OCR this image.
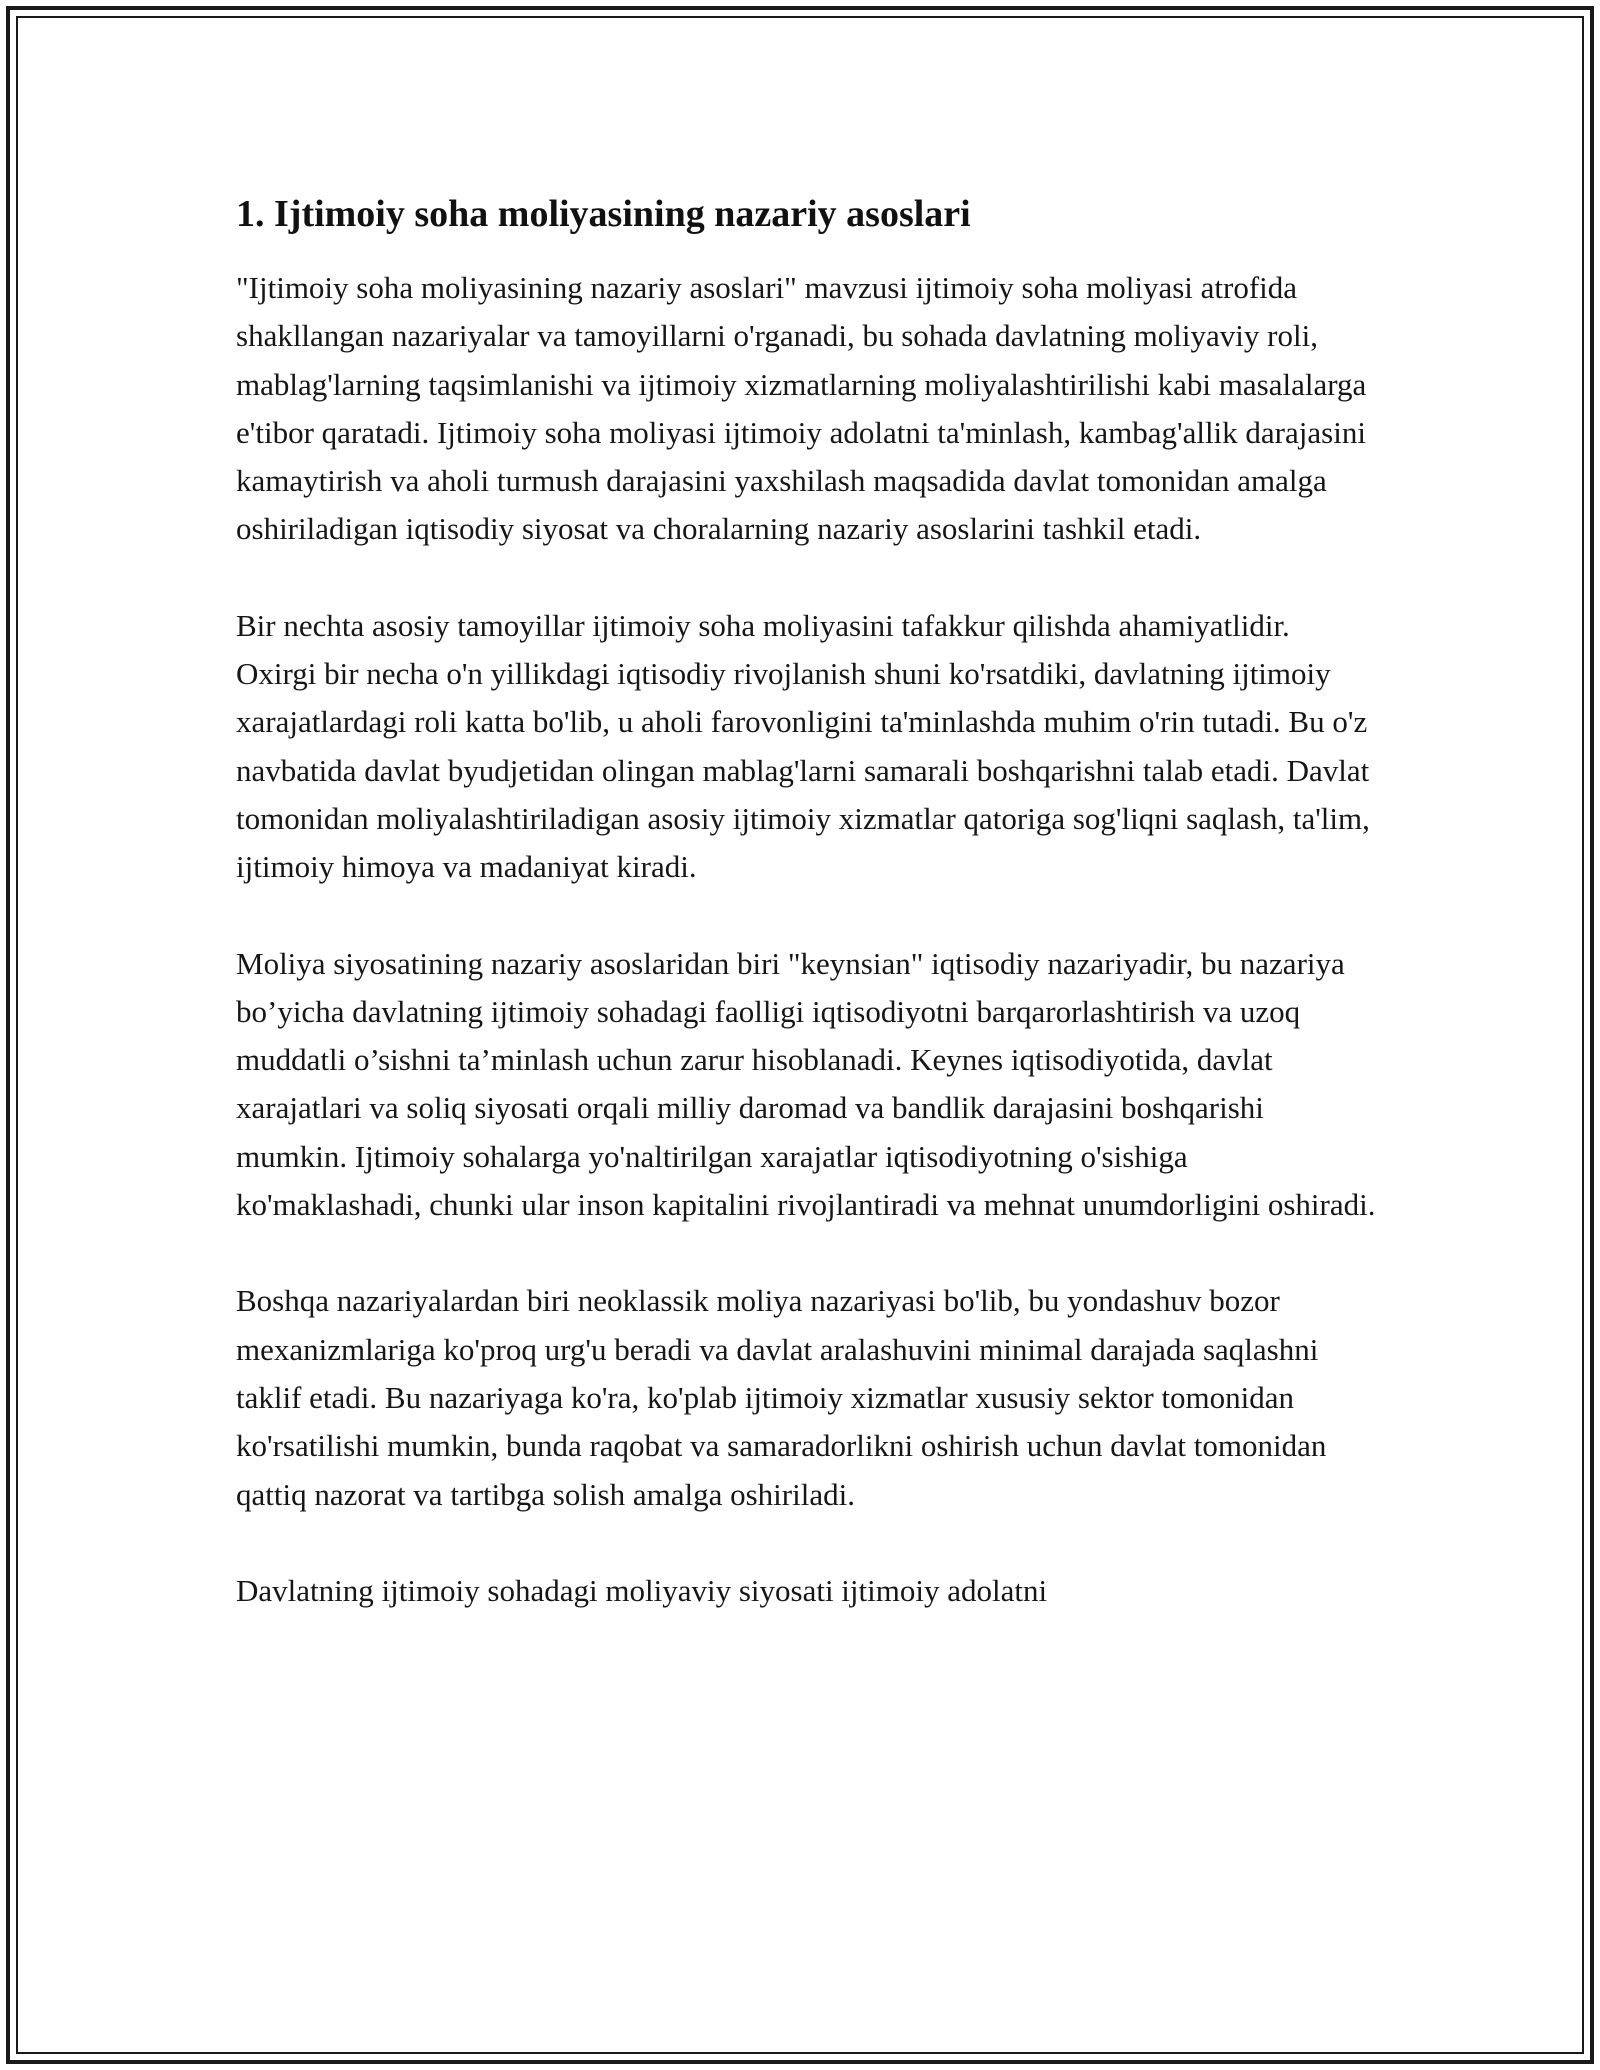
1. Ijtimoiy soha moliyasining nazariy asoslari

"Ijtimoiy soha moliyasining nazariy asoslari" mavzusi ijtimoiy soha moliyasi atrofida shakllangan nazariyalar va tamoyillarni o'rganadi, bu sohada davlatning moliyaviy roli, mablag'larning taqsimlanishi va ijtimoiy xizmatlarning moliyalashtirilishi kabi masalalarga e'tibor qaratadi. Ijtimoiy soha moliyasi ijtimoiy adolatni ta'minlash, kambag'allik darajasini kamaytirish va aholi turmush darajasini yaxshilash maqsadida davlat tomonidan amalga oshiriladigan iqtisodiy siyosat va choralarning nazariy asoslarini tashkil etadi.

Bir nechta asosiy tamoyillar ijtimoiy soha moliyasini tafakkur qilishda ahamiyatlidir. Oxirgi bir necha o'n yillikdagi iqtisodiy rivojlanish shuni ko'rsatdiki, davlatning ijtimoiy xarajatlardagi roli katta bo'lib, u aholi farovonligini ta'minlashda muhim o'rin tutadi. Bu o'z navbatida davlat byudjetidan olingan mablag'larni samarali boshqarishni talab etadi. Davlat tomonidan moliyalashtiriladigan asosiy ijtimoiy xizmatlar qatoriga sog'liqni saqlash, ta'lim, ijtimoiy himoya va madaniyat kiradi.

Moliya siyosatining nazariy asoslaridan biri "keynsian" iqtisodiy nazariyadir, bu nazariya bo’yicha davlatning ijtimoiy sohadagi faolligi iqtisodiyotni barqarorlashtirish va uzoq muddatli o’sishni ta’minlash uchun zarur hisoblanadi. Keynes iqtisodiyotida, davlat xarajatlari va soliq siyosati orqali milliy daromad va bandlik darajasini boshqarishi mumkin. Ijtimoiy sohalarga yo'naltirilgan xarajatlar iqtisodiyotning o'sishiga ko'maklashadi, chunki ular inson kapitalini rivojlantiradi va mehnat unumdorligini oshiradi.

Boshqa nazariyalardan biri neoklassik moliya nazariyasi bo'lib, bu yondashuv bozor mexanizmlariga ko'proq urg'u beradi va davlat aralashuvini minimal darajada saqlashni taklif etadi. Bu nazariyaga ko'ra, ko'plab ijtimoiy xizmatlar xususiy sektor tomonidan ko'rsatilishi mumkin, bunda raqobat va samaradorlikni oshirish uchun davlat tomonidan qattiq nazorat va tartibga solish amalga oshiriladi.

Davlatning ijtimoiy sohadagi moliyaviy siyosati ijtimoiy adolatni
